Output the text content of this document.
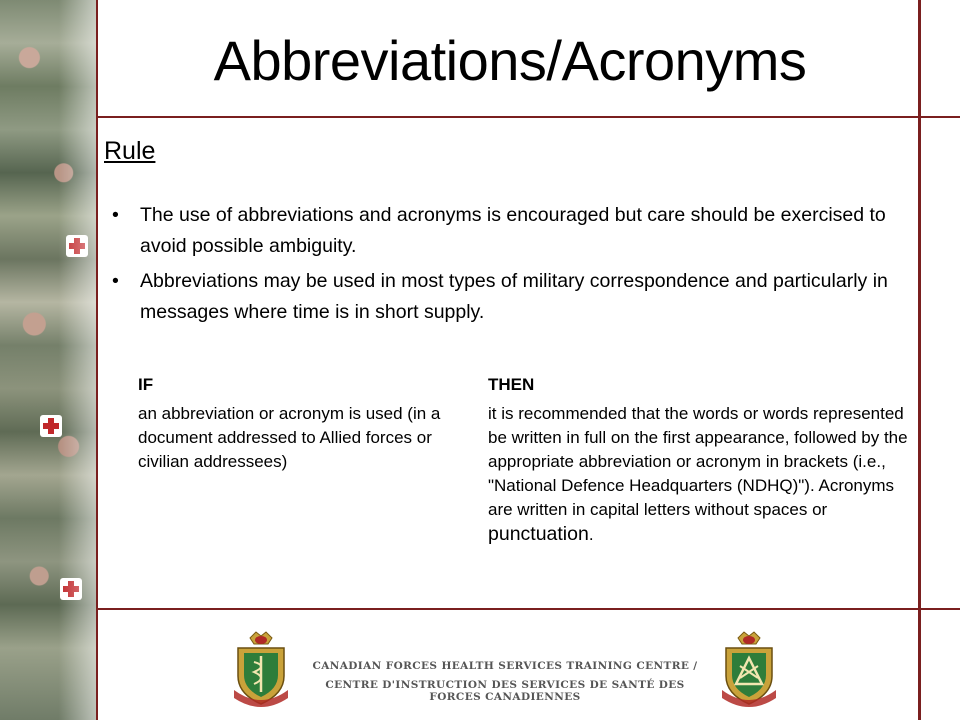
Abbreviations/Acronyms
Rule
• The use of abbreviations and acronyms is encouraged but care should be exercised to avoid possible ambiguity.
• Abbreviations may be used in most types of military correspondence and particularly in messages where time is in short supply.
IF	THEN
an abbreviation or acronym is used (in a document addressed to Allied forces or civilian addressees)
it is recommended that the words or words represented be written in full on the first appearance, followed by the appropriate abbreviation or acronym in brackets (i.e., "National Defence Headquarters (NDHQ)"). Acronyms are written in capital letters without spaces or punctuation.
CANADIAN FORCES HEALTH SERVICES TRAINING CENTRE /
CENTRE D'INSTRUCTION DES SERVICES DE SANTÉ DES FORCES CANADIENNES
